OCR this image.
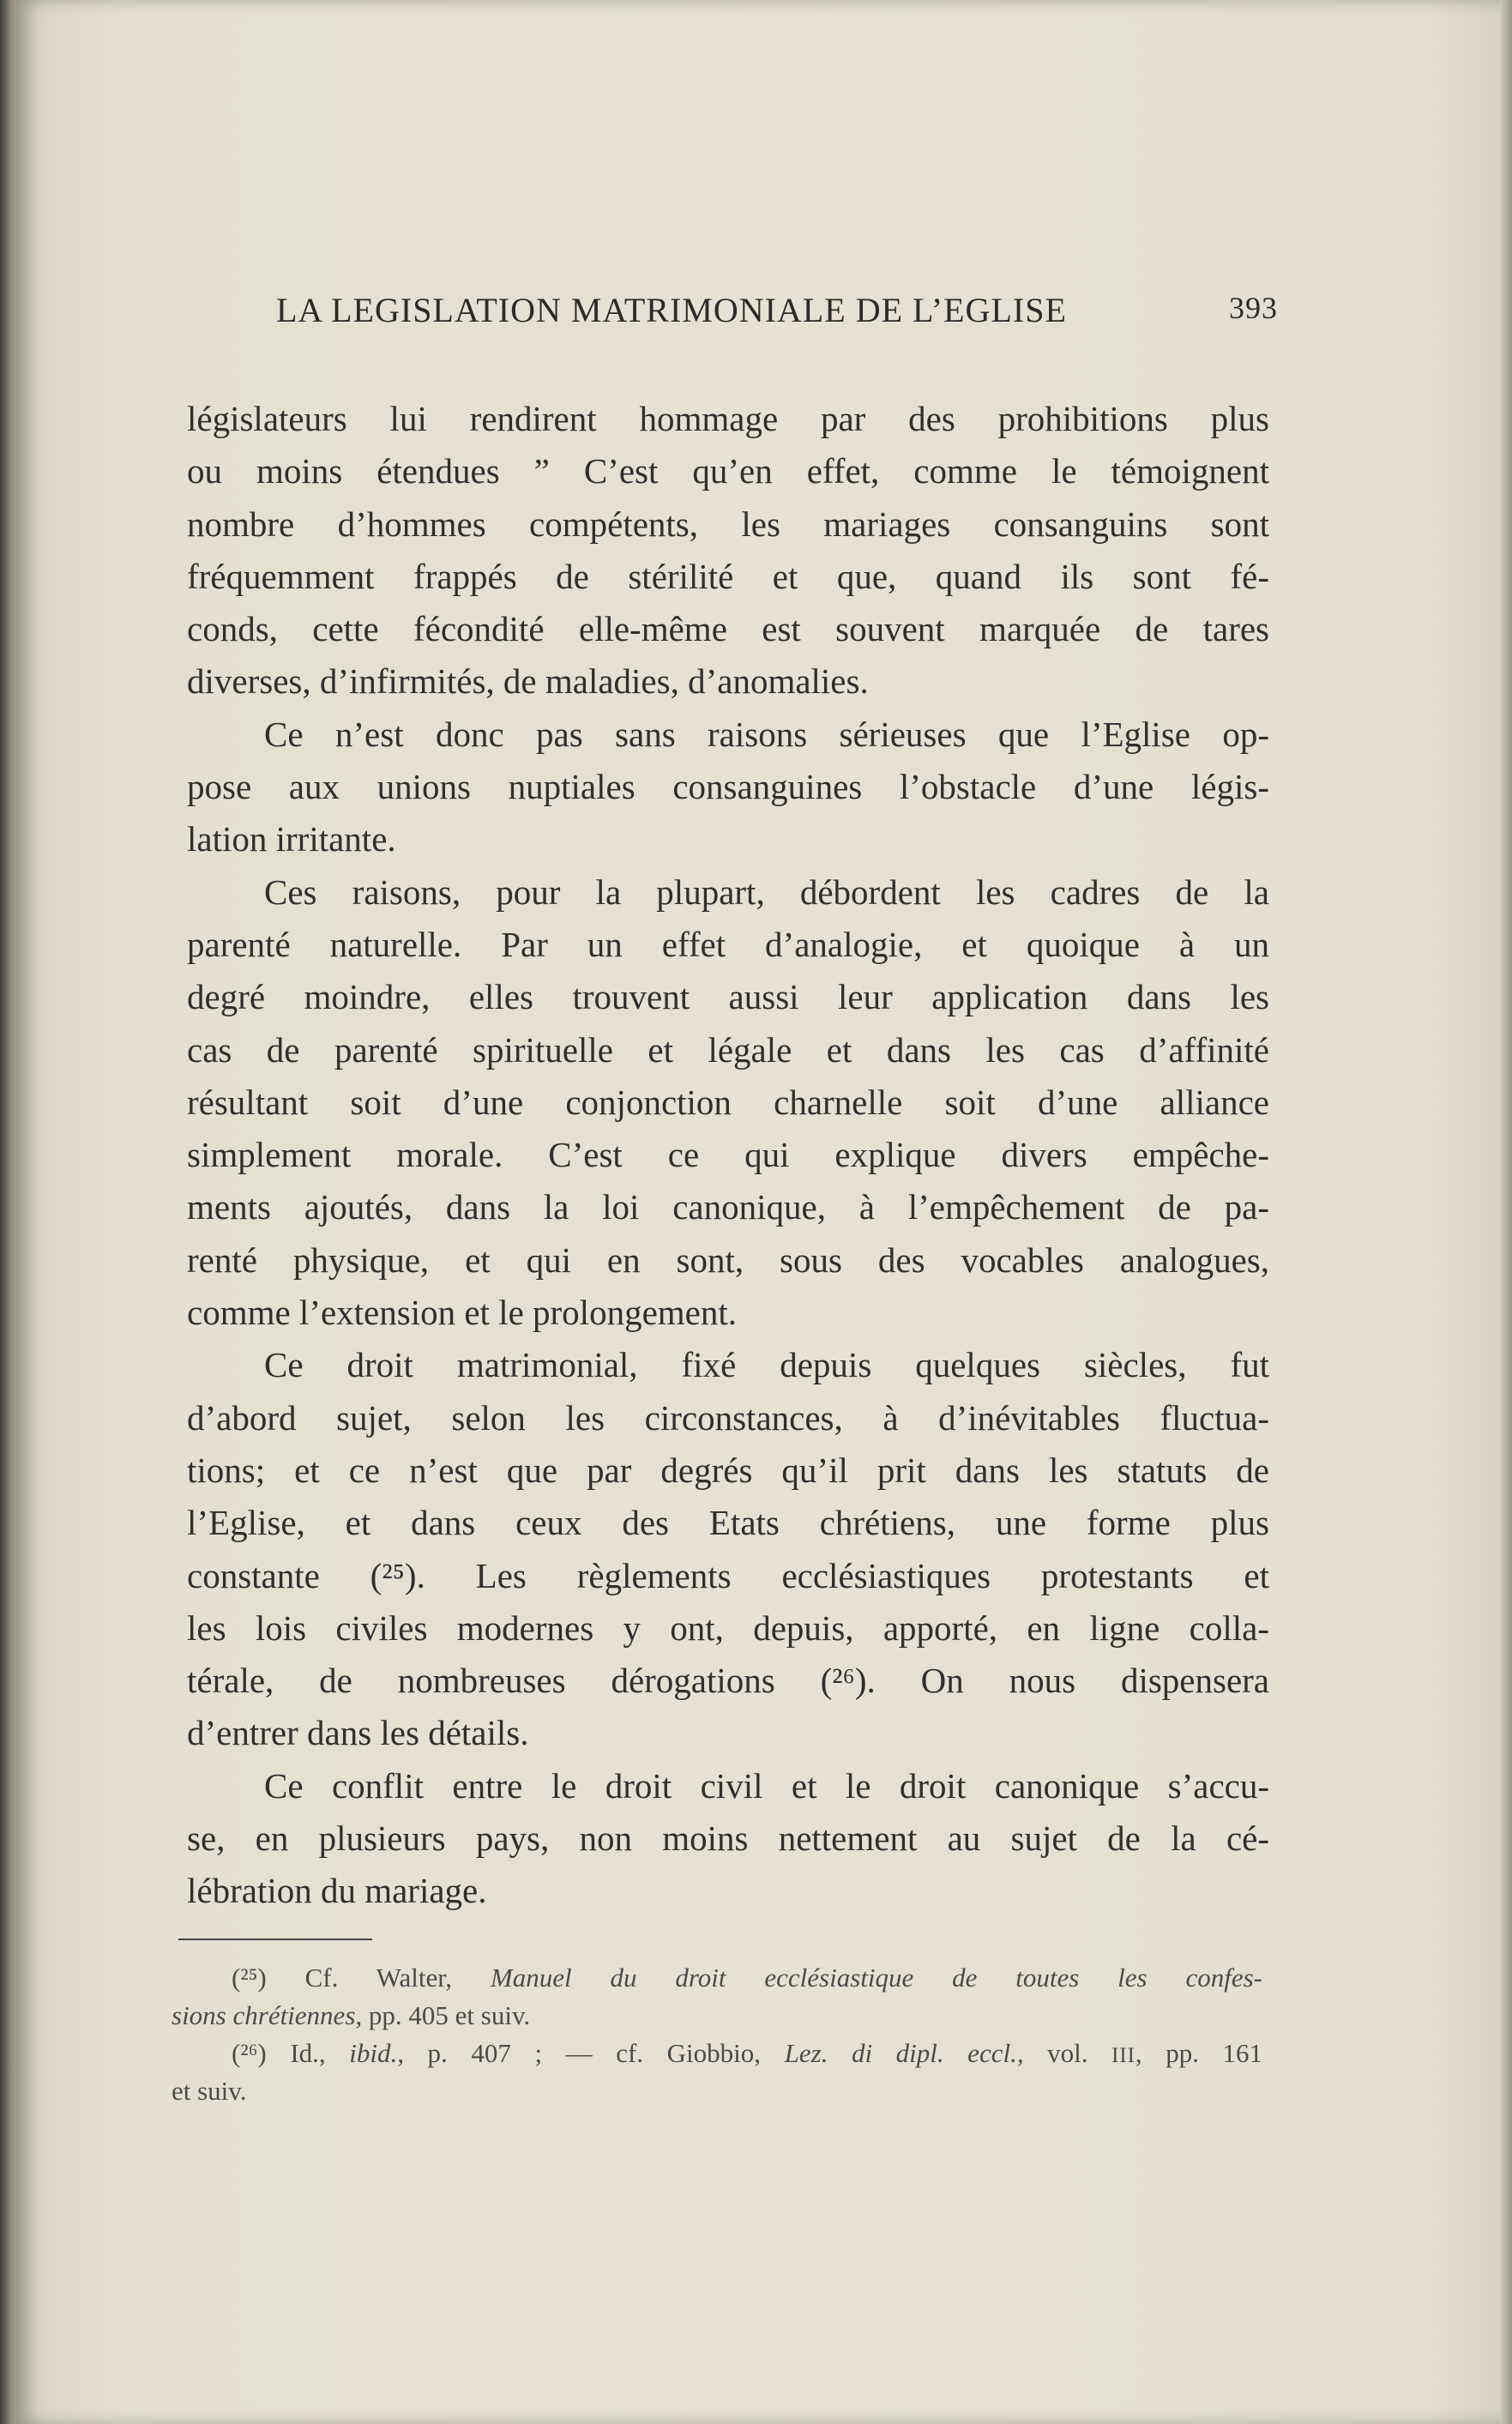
LA LEGISLATION MATRIMONIALE DE L’EGLISE	393
législateurs lui rendirent hommage par des prohibitions plus
ou moins étendues ” C’est qu’en effet, comme le témoignent
nombre d’hommes compétents, les mariages consanguins sont
fréquemment frappés de stérilité et que, quand ils sont fé-
conds, cette fécondité elle-même est souvent marquée de tares
diverses, d’infirmités, de maladies, d’anomalies.
Ce n’est donc pas sans raisons sérieuses que l’Eglise op-
pose aux unions nuptiales consanguines l’obstacle d’une légis-
lation irritante.
Ces raisons, pour la plupart, débordent les cadres de la
parenté naturelle. Par un effet d’analogie, et quoique à un
degré moindre, elles trouvent aussi leur application dans les
cas de parenté spirituelle et légale et dans les cas d’affinité
résultant soit d’une conjonction charnelle soit d’une alliance
simplement morale. C’est ce qui explique divers empêche-
ments ajoutés, dans la loi canonique, à l’empêchement de pa-
renté physique, et qui en sont, sous des vocables analogues,
comme l’extension et le prolongement.
Ce droit matrimonial, fixé depuis quelques siècles, fut
d’abord sujet, selon les circonstances, à d’inévitables fluctua-
tions; et ce n’est que par degrés qu’il prit dans les statuts de
l’Eglise, et dans ceux des Etats chrétiens, une forme plus
constante (²⁵). Les règlements ecclésiastiques protestants et
les lois civiles modernes y ont, depuis, apporté, en ligne colla-
térale, de nombreuses dérogations (²⁶). On nous dispensera
d’entrer dans les détails.
Ce conflit entre le droit civil et le droit canonique s’accu-
se, en plusieurs pays, non moins nettement au sujet de la cé-
lébration du mariage.
(²⁵) Cf. Walter, Manuel du droit ecclésiastique de toutes les confes-
sions chrétiennes, pp. 405 et suiv.
(²⁶) Id., ibid., p. 407 ; — cf. Giobbio, Lez. di dipl. eccl., vol. III, pp. 161
et suiv.
